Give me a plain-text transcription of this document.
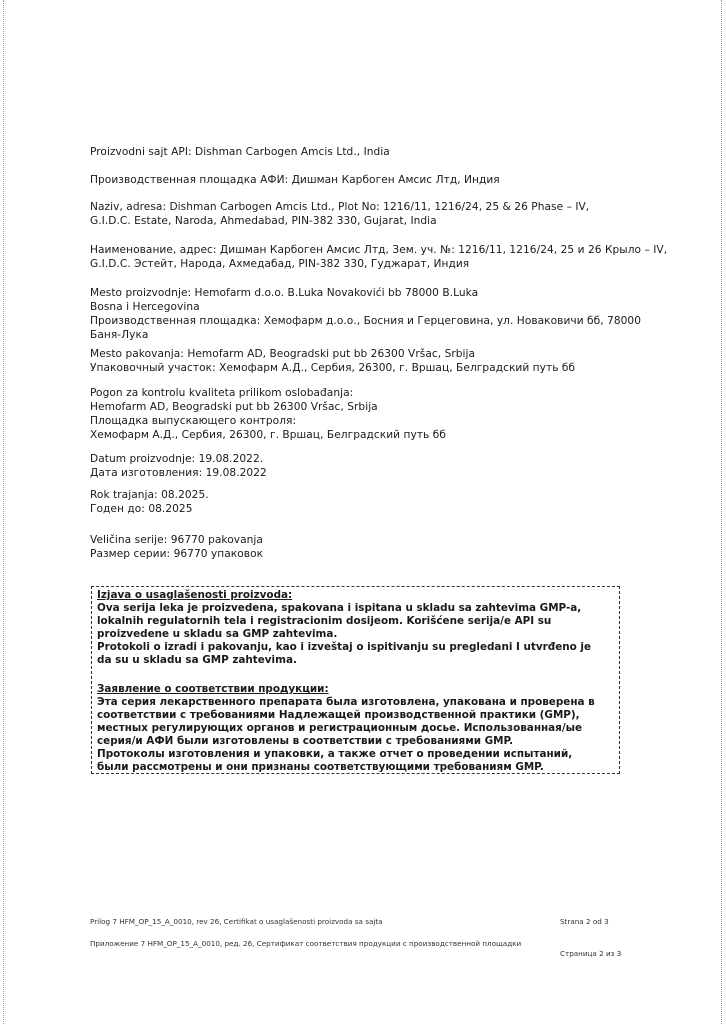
Proizvodni sajt API: Dishman Carbogen Amcis Ltd., India
Производственная площадка АФИ: Дишман Карбоген Амсис Лтд, Индия
Naziv, adresa: Dishman Carbogen Amcis Ltd., Plot No: 1216/11, 1216/24, 25 & 26 Phase – IV,
G.I.D.C. Estate, Naroda, Ahmedabad, PIN-382 330, Gujarat, India
Наименование, адрес: Дишман Карбоген Амсис Лтд, Зем. уч. №: 1216/11, 1216/24, 25 и 26 Крыло – IV,
G.I.D.C. Эстейт, Народа, Ахмедабад, PIN-382 330, Гуджарат, Индия
Mesto proizvodnje: Hemofarm d.o.o. B.Luka Novakovići bb 78000 B.Luka
Bosna i Hercegovina
Производственная площадка: Хемофарм д.о.о., Босния и Герцеговина, ул. Новаковичи бб, 78000
Баня-Лука
Mesto pakovanja: Hemofarm AD, Beogradski put bb 26300 Vršac, Srbija
Упаковочный участок: Хемофарм А.Д., Сербия, 26300, г. Вршац, Белградский путь бб
Pogon za kontrolu kvaliteta prilikom oslobađanja:
Hemofarm AD, Beogradski put bb 26300 Vršac, Srbija
Площадка выпускающего контроля:
Хемофарм А.Д., Сербия, 26300, г. Вршац, Белградский путь бб
Datum proizvodnje: 19.08.2022.
Дата изготовления: 19.08.2022
Rok trajanja: 08.2025.
Годен до: 08.2025
Veličina serije: 96770 pakovanja
Размер серии: 96770 упаковок
Izjava o usaglašenosti proizvoda:
Ova serija leka je proizvedena, spakovana i ispitana u skladu sa zahtevima GMP-a,
lokalnih regulatornih tela i registracionim dosijeom. Korišćene serija/e API su
proizvedene u skladu sa GMP zahtevima.
Protokoli o izradi i pakovanju, kao i izveštaj o ispitivanju su pregledani I utvrđeno je
da su u skladu sa GMP zahtevima.
Заявление о соответствии продукции:
Эта серия лекарственного препарата была изготовлена, упакована и проверена в
соответствии с требованиями Надлежащей производственной практики (GMP),
местных регулирующих органов и регистрационным досье. Использованная/ые
серия/и АФИ были изготовлены в соответствии с требованиями GMP.
Протоколы изготовления и упаковки, а также отчет о проведении испытаний,
были рассмотрены и они признаны соответствующими требованиям GMP.
Prilog 7 HFM_OP_15_A_0010, rev 26, Certifikat o usaglašenosti proizvoda sa sajta	Strana 2 od 3
Приложение 7 HFM_OP_15_A_0010, ред. 26, Сертификат соответствия продукции с производственной площадки
Страница 2 из 3
